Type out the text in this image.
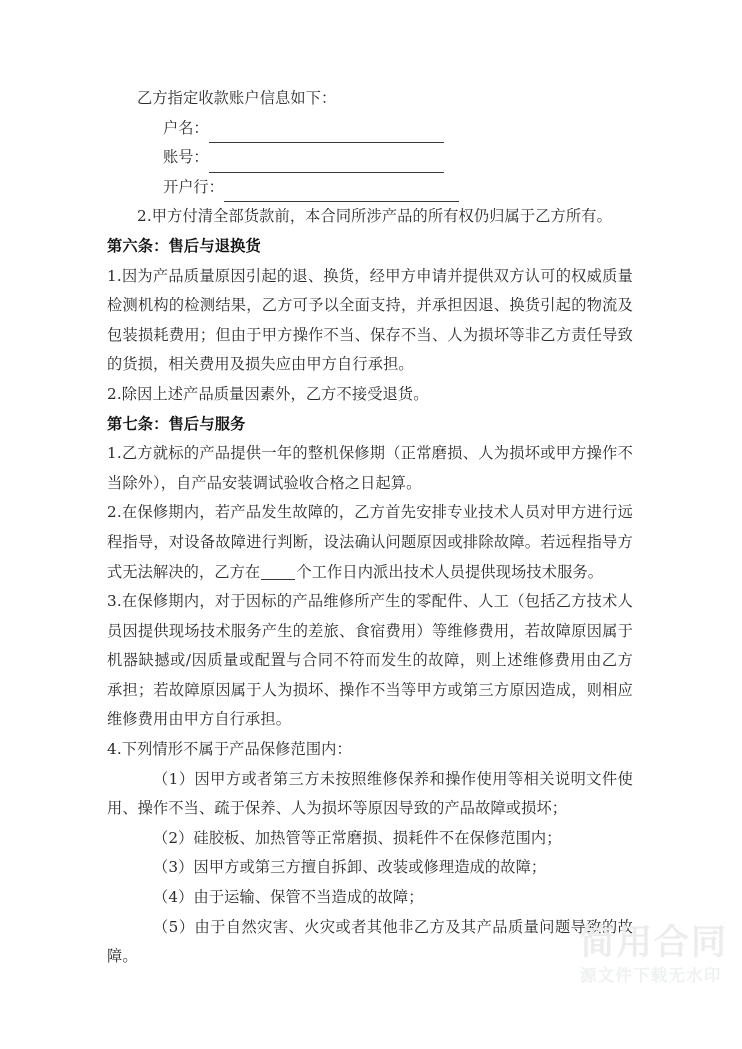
乙方指定收款账户信息如下：

户名：
账号：
开户行：

2.甲方付清全部货款前，本合同所涉产品的所有权仍归属于乙方所有。

第六条：售后与退换货

1.因为产品质量原因引起的退、换货，经甲方申请并提供双方认可的权威质量检测机构的检测结果，乙方可予以全面支持，并承担因退、换货引起的物流及包装损耗费用；但由于甲方操作不当、保存不当、人为损坏等非乙方责任导致的货损，相关费用及损失应由甲方自行承担。

2.除因上述产品质量因素外，乙方不接受退货。

第七条：售后与服务

1.乙方就标的产品提供一年的整机保修期（正常磨损、人为损坏或甲方操作不当除外），自产品安装调试验收合格之日起算。

2.在保修期内，若产品发生故障的，乙方首先安排专业技术人员对甲方进行远程指导，对设备故障进行判断，设法确认问题原因或排除故障。若远程指导方式无法解决的，乙方在 个工作日内派出技术人员提供现场技术服务。

3.在保修期内，对于因标的产品维修所产生的零配件、人工（包括乙方技术人员因提供现场技术服务产生的差旅、食宿费用）等维修费用，若故障原因属于机器缺撼或/因质量或配置与合同不符而发生的故障，则上述维修费用由乙方承担；若故障原因属于人为损坏、操作不当等甲方或第三方原因造成，则相应维修费用由甲方自行承担。

4.下列情形不属于产品保修范围内：

（1）因甲方或者第三方未按照维修保养和操作使用等相关说明文件使用、操作不当、疏于保养、人为损坏等原因导致的产品故障或损坏；

（2）硅胶板、加热管等正常磨损、损耗件不在保修范围内；

（3）因甲方或第三方擅自拆卸、改装或修理造成的故障；

（4）由于运输、保管不当造成的故障；

（5）由于自然灾害、火灾或者其他非乙方及其产品质量问题导致的故障。	简用合同
源文件下载无水印
